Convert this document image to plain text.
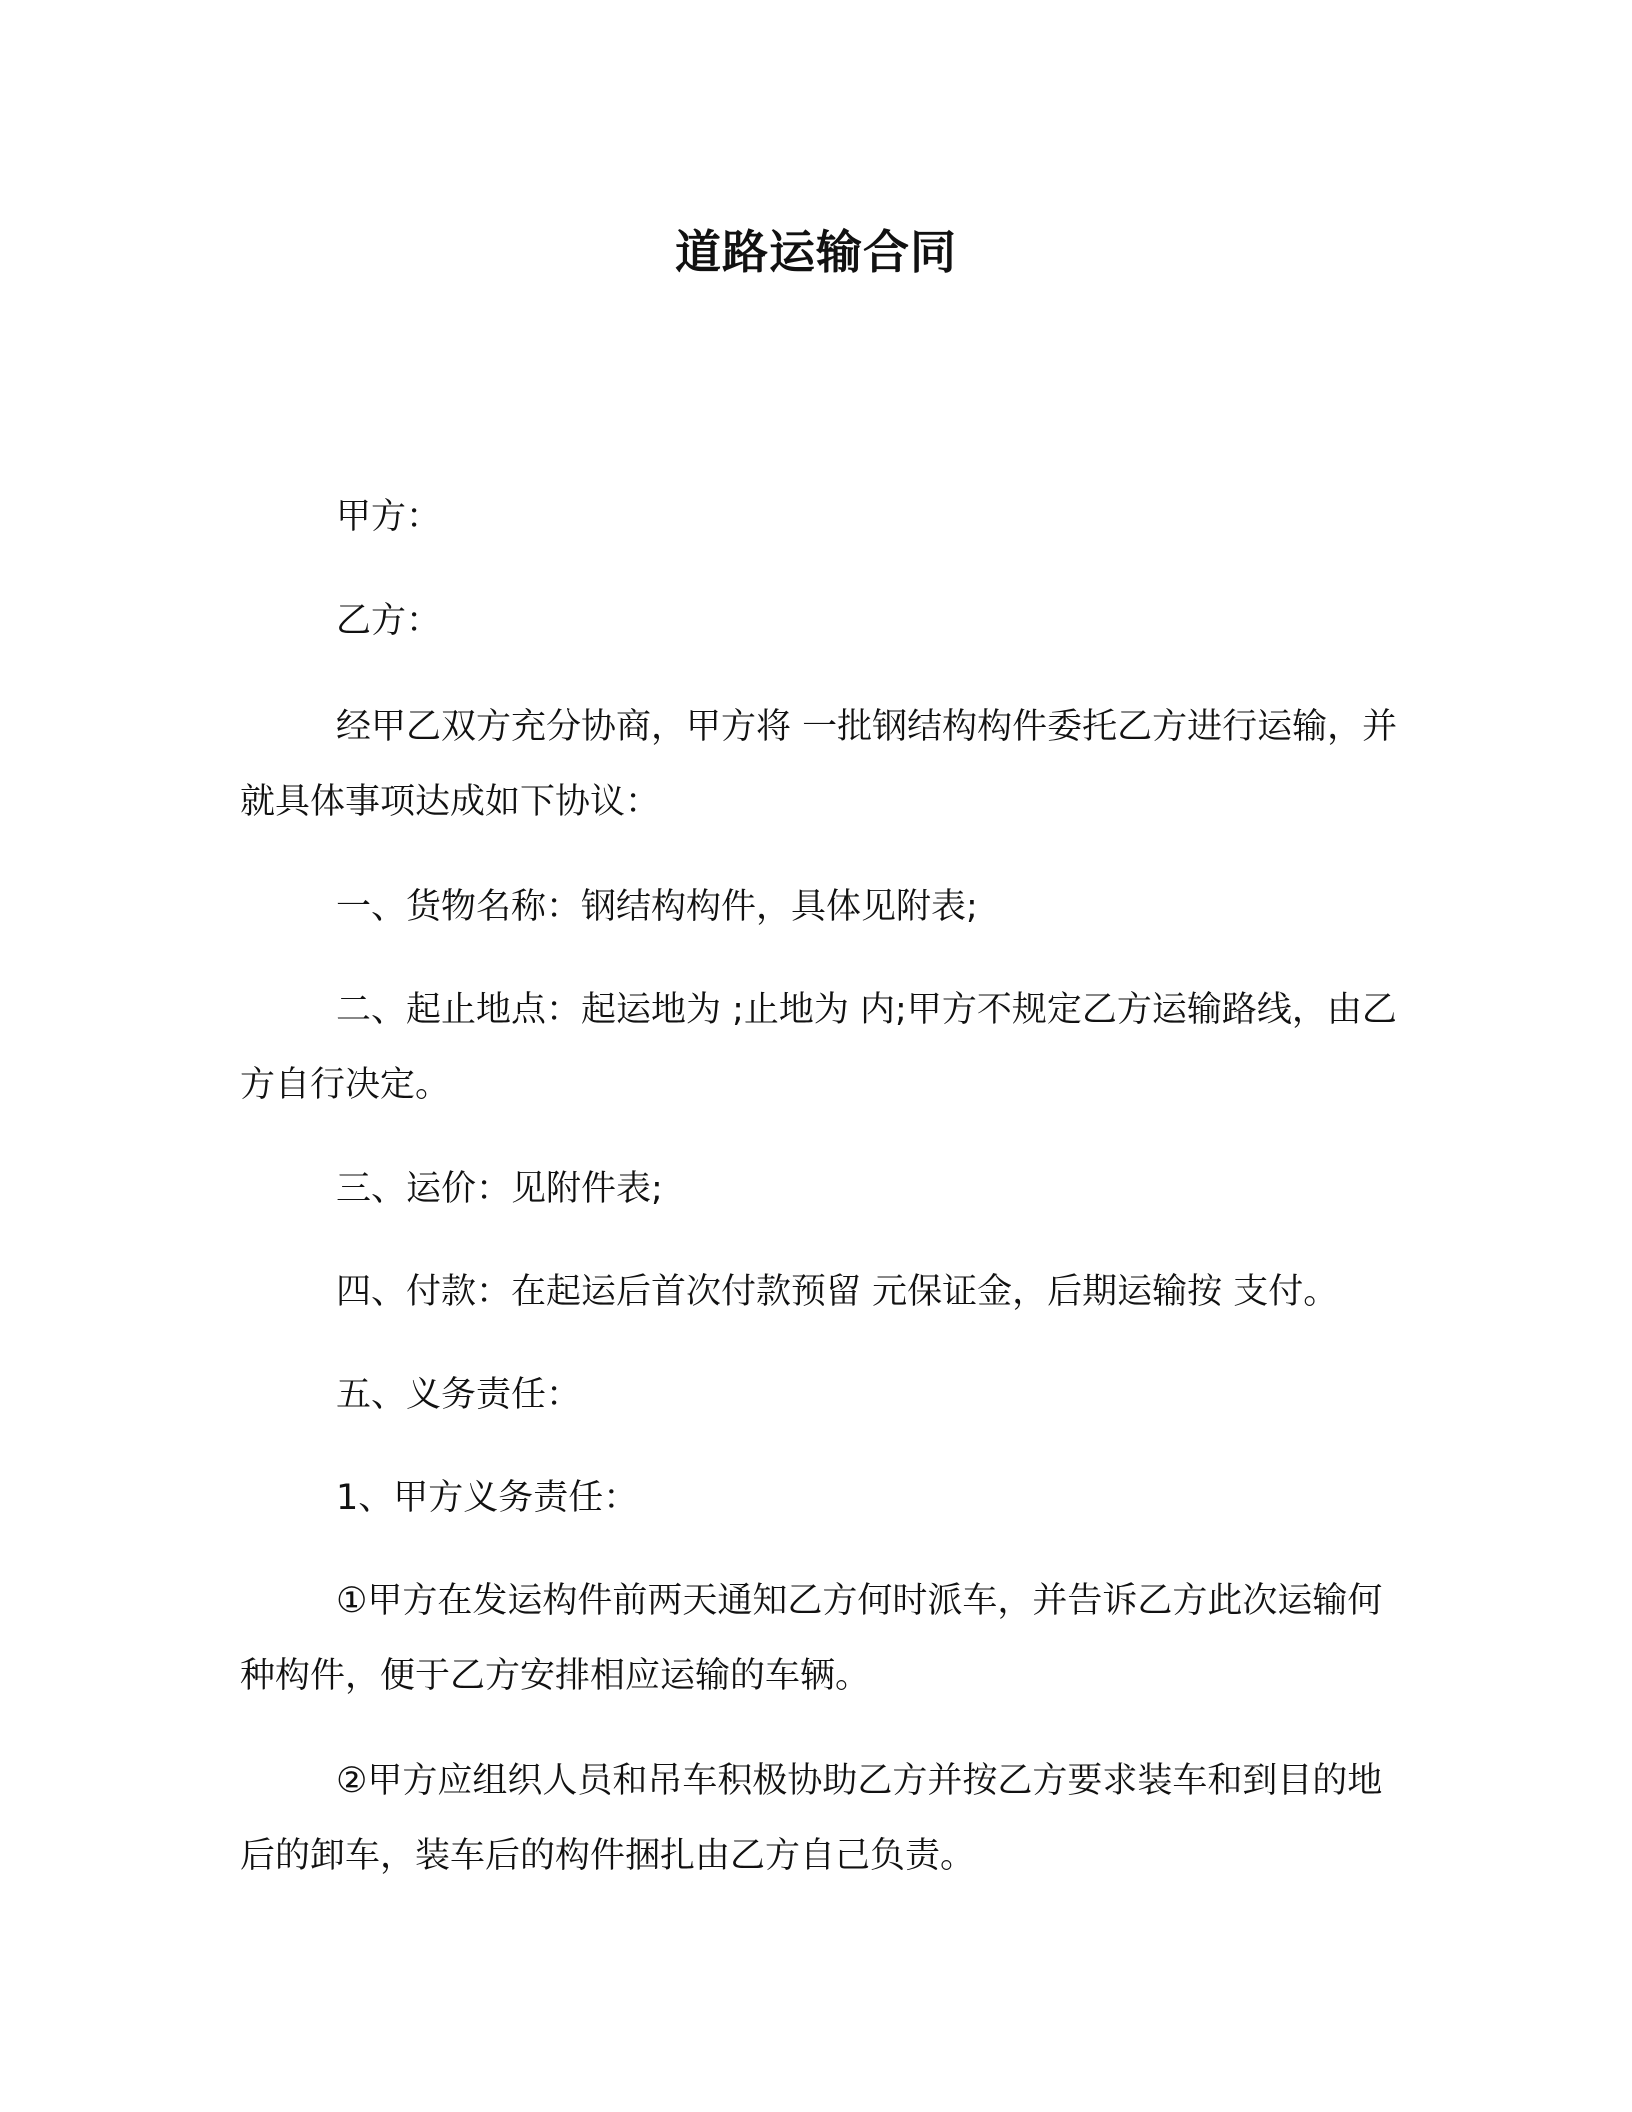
道路运输合同

甲方：

乙方：

经甲乙双方充分协商，甲方将 一批钢结构构件委托乙方进行运输，并就具体事项达成如下协议：

一、货物名称：钢结构构件，具体见附表;

二、起止地点：起运地为 ;止地为 内;甲方不规定乙方运输路线，由乙方自行决定。

三、运价：见附件表;

四、付款：在起运后首次付款预留 元保证金，后期运输按 支付。

五、义务责任：

1、甲方义务责任：

①甲方在发运构件前两天通知乙方何时派车，并告诉乙方此次运输何种构件，便于乙方安排相应运输的车辆。

②甲方应组织人员和吊车积极协助乙方并按乙方要求装车和到目的地后的卸车，装车后的构件捆扎由乙方自己负责。
